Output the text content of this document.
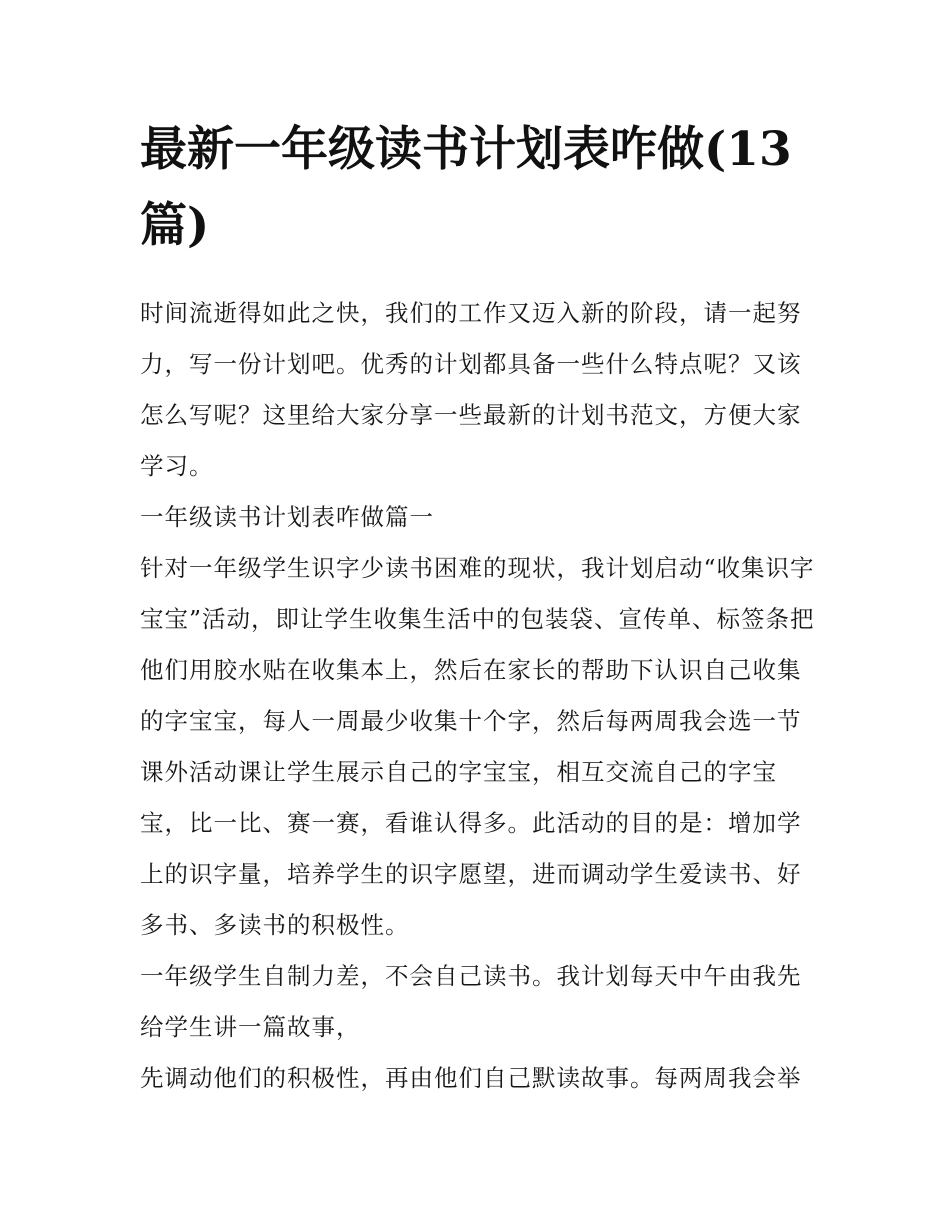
最新一年级读书计划表咋做(13篇)

时间流逝得如此之快，我们的工作又迈入新的阶段，请一起努力，写一份计划吧。优秀的计划都具备一些什么特点呢？又该怎么写呢？这里给大家分享一些最新的计划书范文，方便大家学习。

一年级读书计划表咋做篇一

针对一年级学生识字少读书困难的现状，我计划启动“收集识字宝宝”活动，即让学生收集生活中的包装袋、宣传单、标签条把他们用胶水贴在收集本上，然后在家长的帮助下认识自己收集的字宝宝，每人一周最少收集十个字，然后每两周我会选一节课外活动课让学生展示自己的字宝宝，相互交流自己的字宝宝，比一比、赛一赛，看谁认得多。此活动的目的是：增加学上的识字量，培养学生的识字愿望，进而调动学生爱读书、好多书、多读书的积极性。

一年级学生自制力差，不会自己读书。我计划每天中午由我先给学生讲一篇故事，

先调动他们的积极性，再由他们自己默读故事。每两周我会举
